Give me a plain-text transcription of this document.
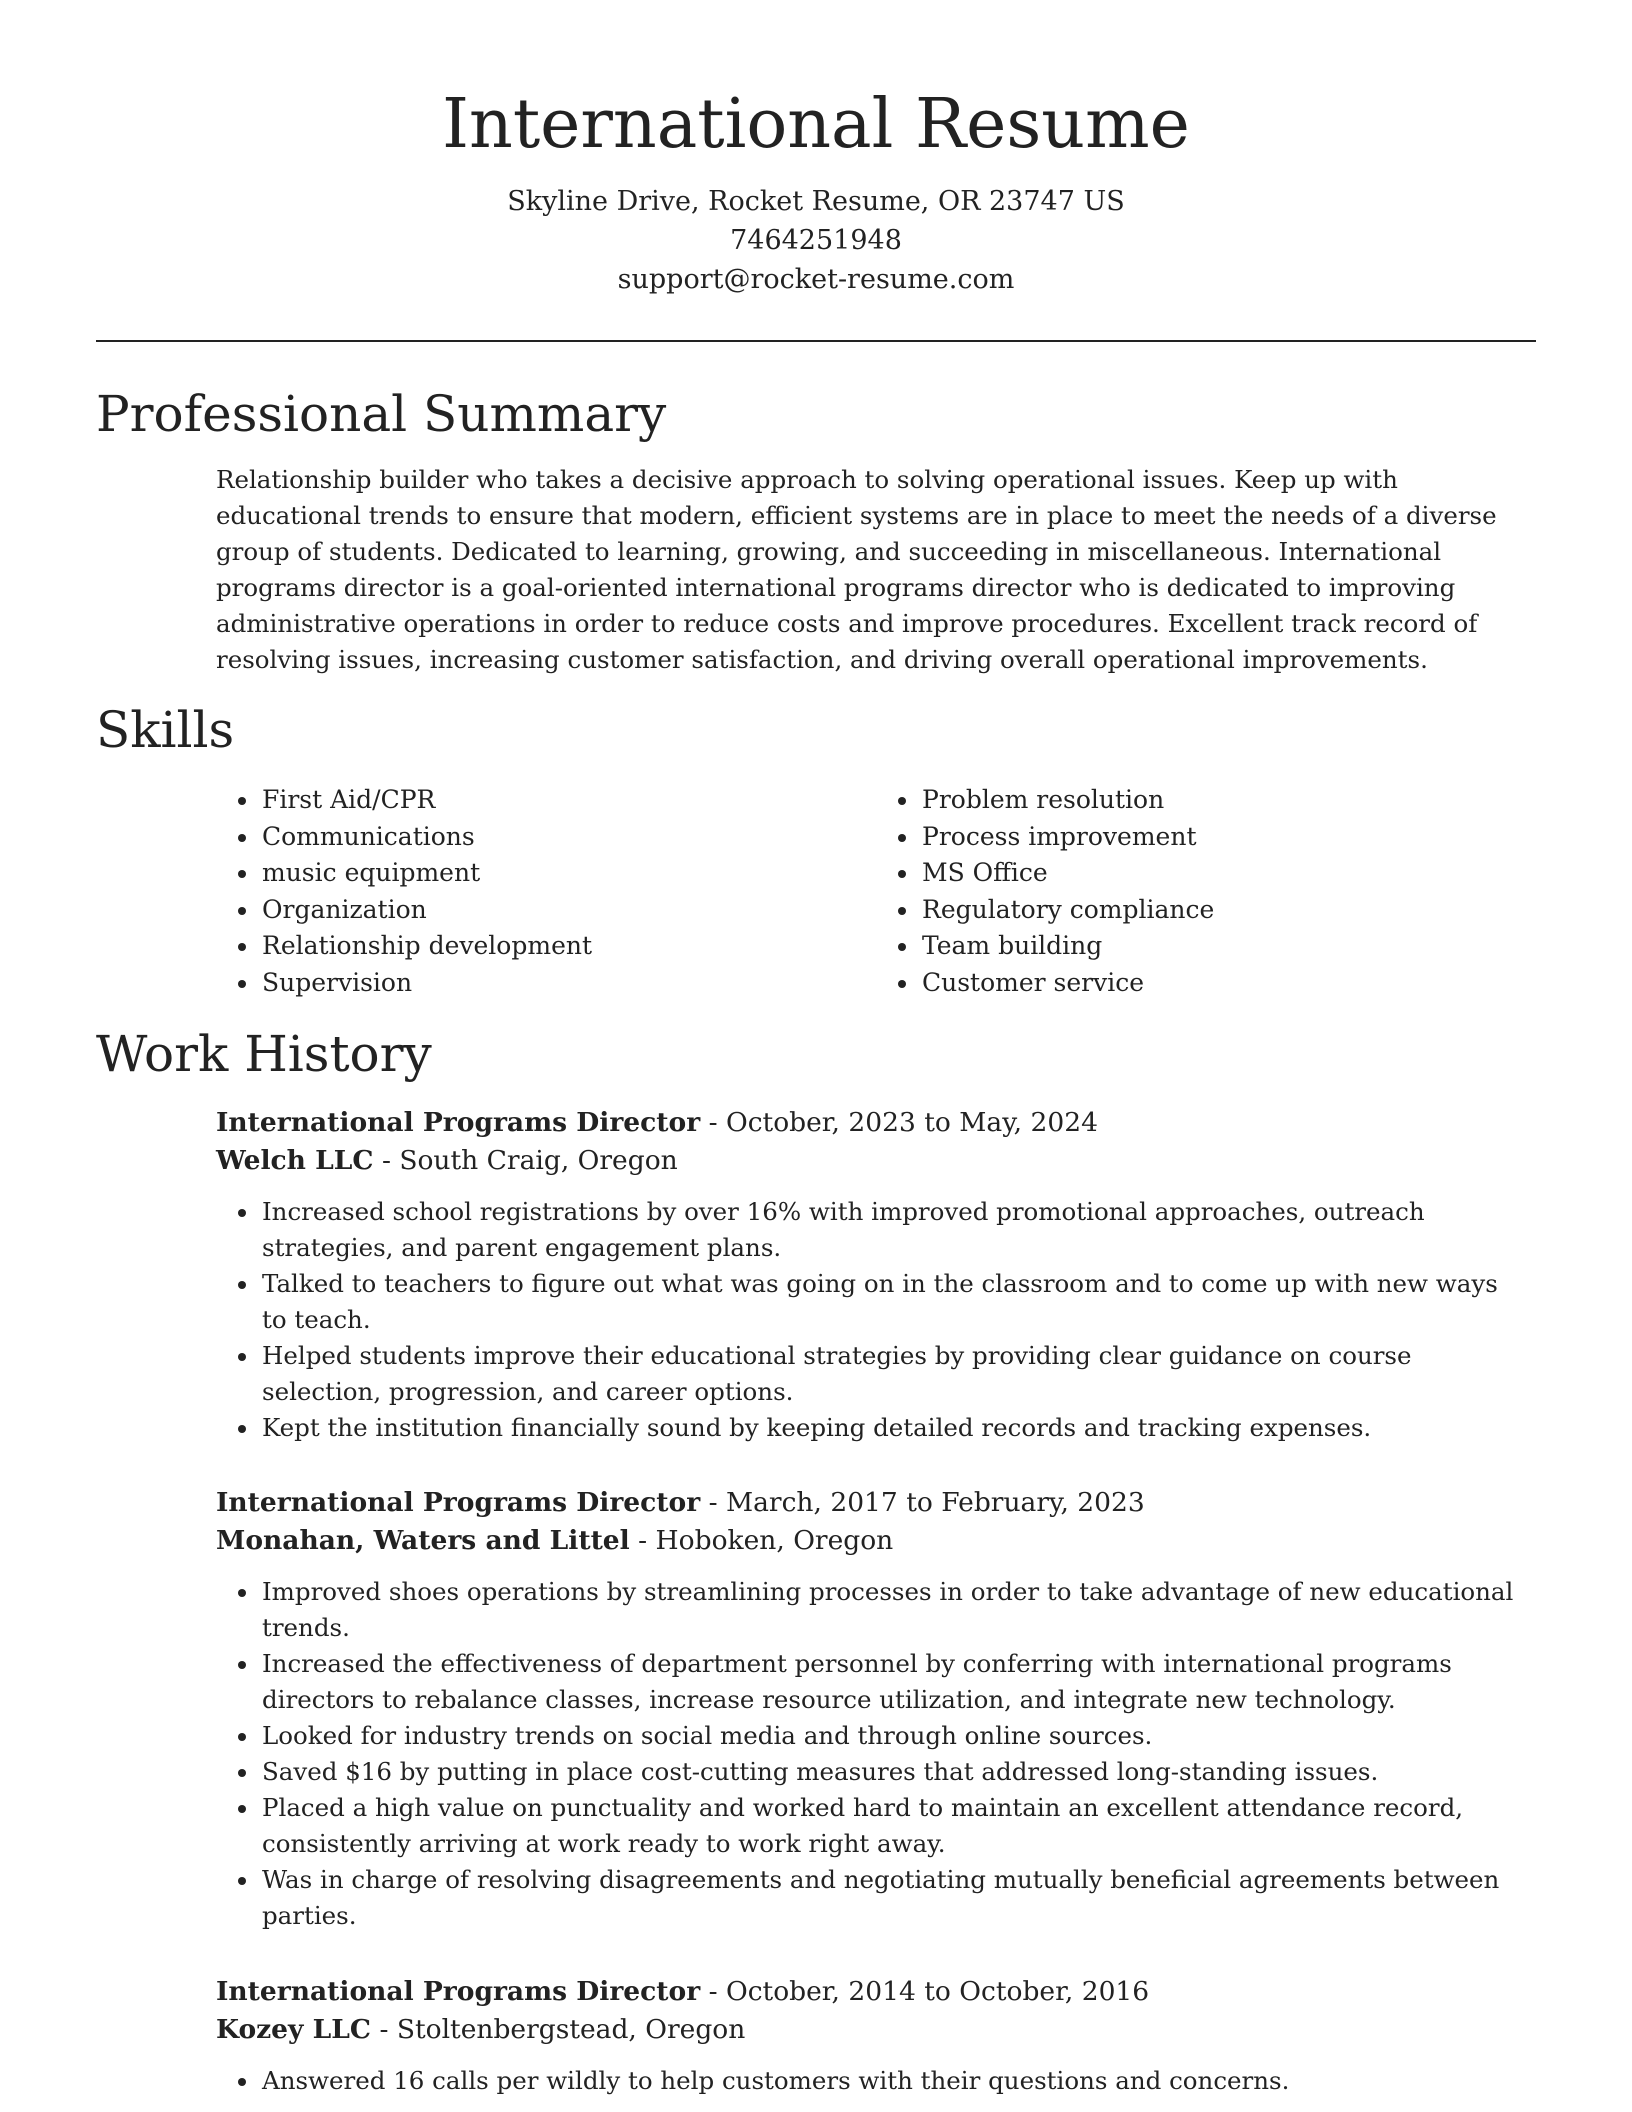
International Resume
Skyline Drive, Rocket Resume, OR 23747 US
7464251948
support@rocket-resume.com
Professional Summary

Relationship builder who takes a decisive approach to solving operational issues. Keep up with educational trends to ensure that modern, efficient systems are in place to meet the needs of a diverse group of students. Dedicated to learning, growing, and succeeding in miscellaneous. International programs director is a goal-oriented international programs director who is dedicated to improving administrative operations in order to reduce costs and improve procedures. Excellent track record of resolving issues, increasing customer satisfaction, and driving overall operational improvements.

Skills
• First Aid/CPR
• Communications
• music equipment
• Organization
• Relationship development
• Supervision
• Problem resolution
• Process improvement
• MS Office
• Regulatory compliance
• Team building
• Customer service
Work History
International Programs Director - October, 2023 to May, 2024
Welch LLC - South Craig, Oregon
• Increased school registrations by over 16% with improved promotional approaches, outreach strategies, and parent engagement plans.
• Talked to teachers to figure out what was going on in the classroom and to come up with new ways to teach.
• Helped students improve their educational strategies by providing clear guidance on course selection, progression, and career options.
• Kept the institution financially sound by keeping detailed records and tracking expenses.
International Programs Director - March, 2017 to February, 2023
Monahan, Waters and Littel - Hoboken, Oregon
• Improved shoes operations by streamlining processes in order to take advantage of new educational trends.
• Increased the effectiveness of department personnel by conferring with international programs directors to rebalance classes, increase resource utilization, and integrate new technology.
• Looked for industry trends on social media and through online sources.
• Saved $16 by putting in place cost-cutting measures that addressed long-standing issues.
• Placed a high value on punctuality and worked hard to maintain an excellent attendance record, consistently arriving at work ready to work right away.
• Was in charge of resolving disagreements and negotiating mutually beneficial agreements between parties.
International Programs Director - October, 2014 to October, 2016
Kozey LLC - Stoltenbergstead, Oregon
• Answered 16 calls per wildly to help customers with their questions and concerns.
